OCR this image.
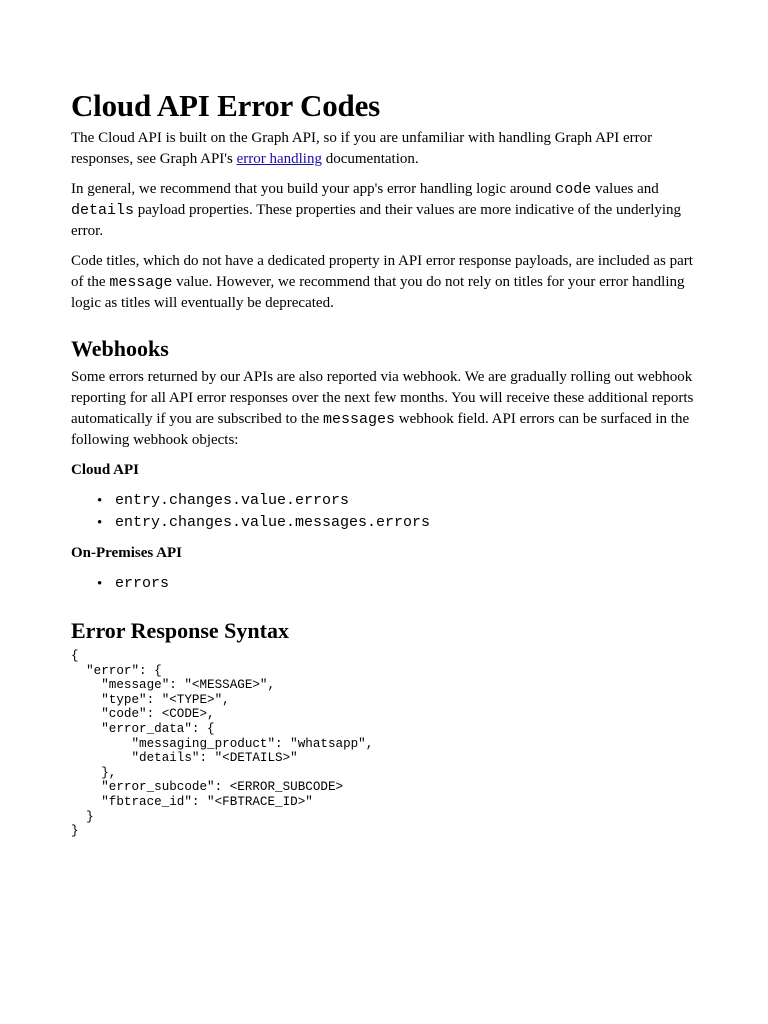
Cloud API Error Codes

The Cloud API is built on the Graph API, so if you are unfamiliar with handling Graph API error responses, see Graph API's error handling documentation.

In general, we recommend that you build your app's error handling logic around code values and details payload properties. These properties and their values are more indicative of the underlying error.

Code titles, which do not have a dedicated property in API error response payloads, are included as part of the message value. However, we recommend that you do not rely on titles for your error handling logic as titles will eventually be deprecated.

Webhooks

Some errors returned by our APIs are also reported via webhook. We are gradually rolling out webhook reporting for all API error responses over the next few months. You will receive these additional reports automatically if you are subscribed to the messages webhook field. API errors can be surfaced in the following webhook objects:

Cloud API
• entry.changes.value.errors
• entry.changes.value.messages.errors
On-Premises API
• errors
Error Response Syntax
{
"error": {
"message": "<MESSAGE>",
"type": "<TYPE>",
"code": <CODE>,
"error_data": {
"messaging_product": "whatsapp",
"details": "<DETAILS>"
},
"error_subcode": <ERROR_SUBCODE>
"fbtrace_id": "<FBTRACE_ID>"
}
}
